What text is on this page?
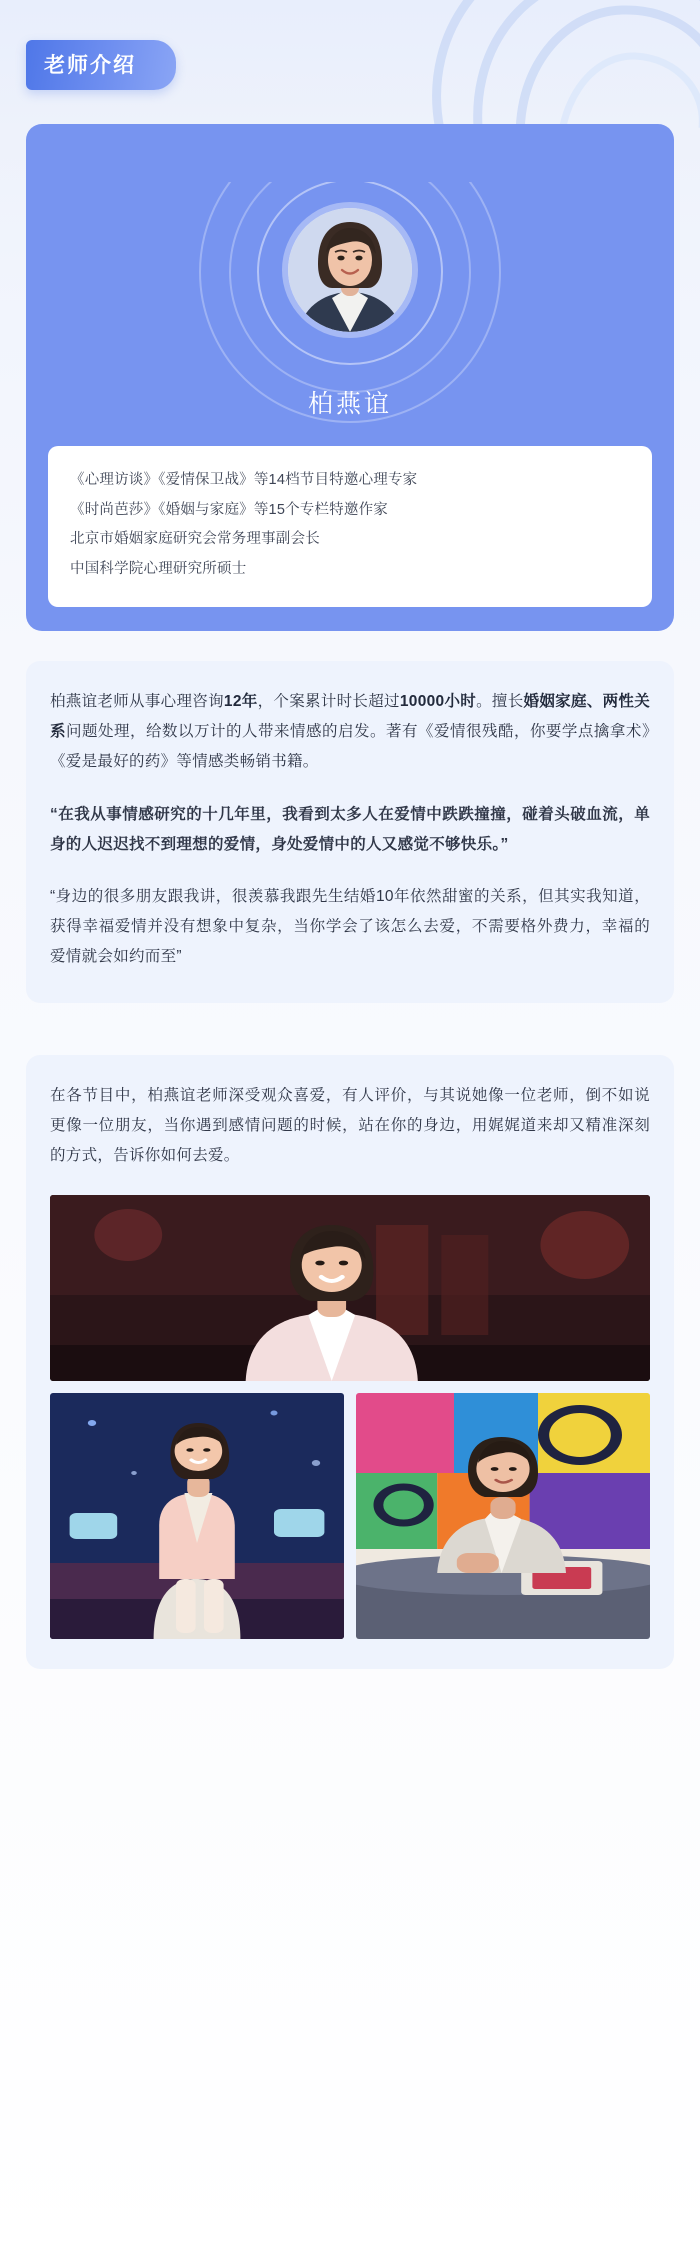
老师介绍
柏燕谊

《心理访谈》《爱情保卫战》等14档节目特邀心理专家

《时尚芭莎》《婚姻与家庭》等15个专栏特邀作家

北京市婚姻家庭研究会常务理事副会长

中国科学院心理研究所硕士

柏燕谊老师从事心理咨询12年，个案累计时长超过10000小时。擅长婚姻家庭、两性关系问题处理，给数以万计的人带来情感的启发。著有《爱情很残酷，你要学点擒拿术》《爱是最好的药》等情感类畅销书籍。

“在我从事情感研究的十几年里，我看到太多人在爱情中跌跌撞撞，碰着头破血流，单身的人迟迟找不到理想的爱情，身处爱情中的人又感觉不够快乐。”

“身边的很多朋友跟我讲，很羡慕我跟先生结婚10年依然甜蜜的关系，但其实我知道，获得幸福爱情并没有想象中复杂，当你学会了该怎么去爱，不需要格外费力，幸福的爱情就会如约而至”

在各节目中，柏燕谊老师深受观众喜爱，有人评价，与其说她像一位老师，倒不如说更像一位朋友，当你遇到感情问题的时候，站在你的身边，用娓娓道来却又精准深刻的方式，告诉你如何去爱。
